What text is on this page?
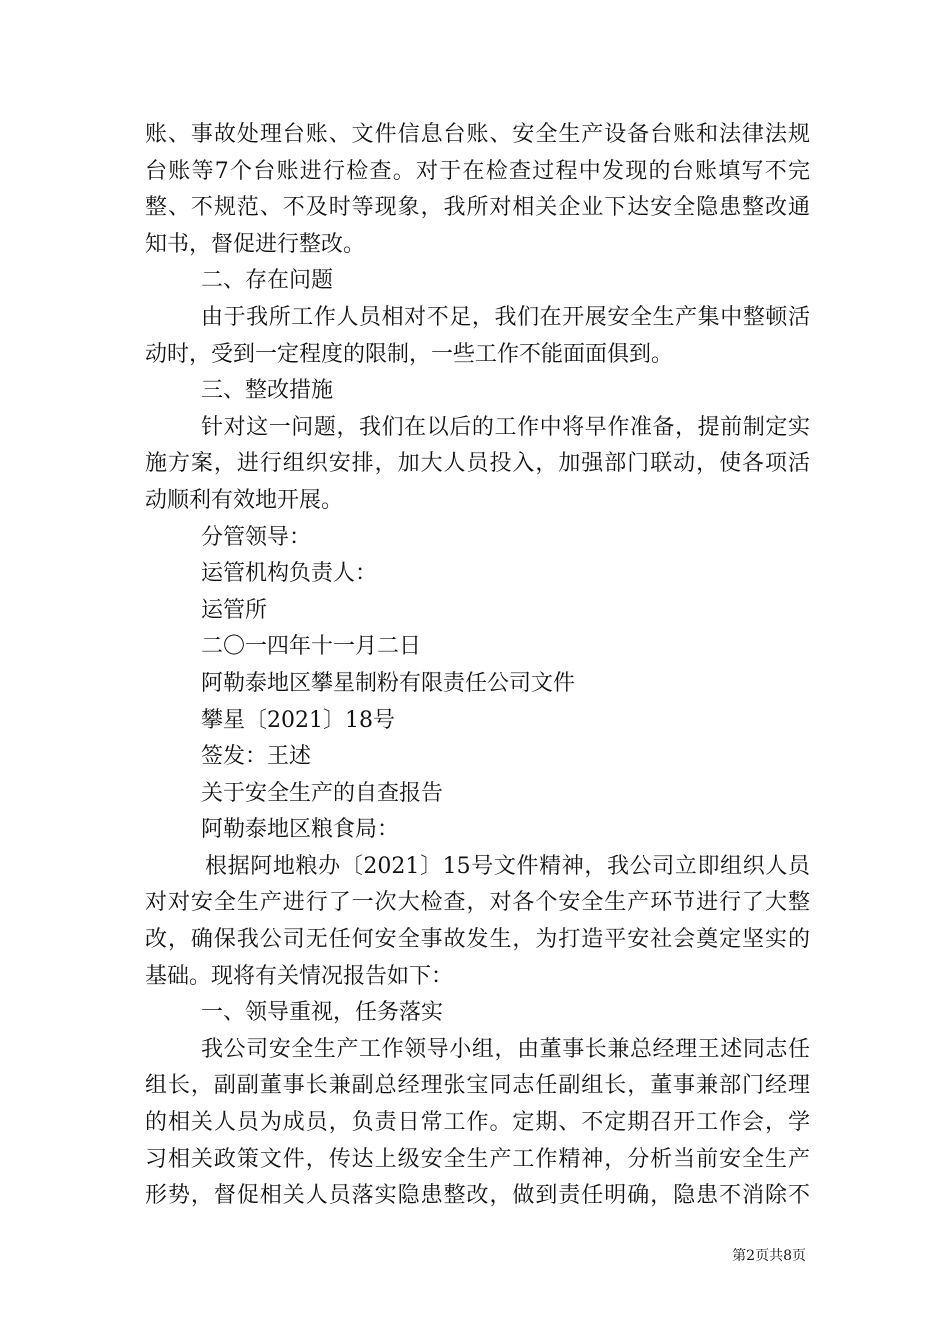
账、事故处理台账、文件信息台账、安全生产设备台账和法律法规
台账等7个台账进行检查。对于在检查过程中发现的台账填写不完
整、不规范、不及时等现象，我所对相关企业下达安全隐患整改通
知书，督促进行整改。
二、存在问题
由于我所工作人员相对不足，我们在开展安全生产集中整顿活
动时，受到一定程度的限制，一些工作不能面面俱到。
三、整改措施
针对这一问题，我们在以后的工作中将早作准备，提前制定实
施方案，进行组织安排，加大人员投入，加强部门联动，使各项活
动顺利有效地开展。
分管领导：
运管机构负责人：
运管所
二〇一四年十一月二日
阿勒泰地区攀星制粉有限责任公司文件
攀星〔2021〕18号
签发：王述
关于安全生产的自查报告
阿勒泰地区粮食局：
根据阿地粮办〔2021〕15号文件精神，我公司立即组织人员
对对安全生产进行了一次大检查，对各个安全生产环节进行了大整
改，确保我公司无任何安全事故发生，为打造平安社会奠定坚实的
基础。现将有关情况报告如下：
一、领导重视，任务落实
我公司安全生产工作领导小组，由董事长兼总经理王述同志任
组长，副副董事长兼副总经理张宝同志任副组长，董事兼部门经理
的相关人员为成员，负责日常工作。定期、不定期召开工作会，学
习相关政策文件，传达上级安全生产工作精神，分析当前安全生产
形势，督促相关人员落实隐患整改，做到责任明确，隐患不消除不
第2页共8页
